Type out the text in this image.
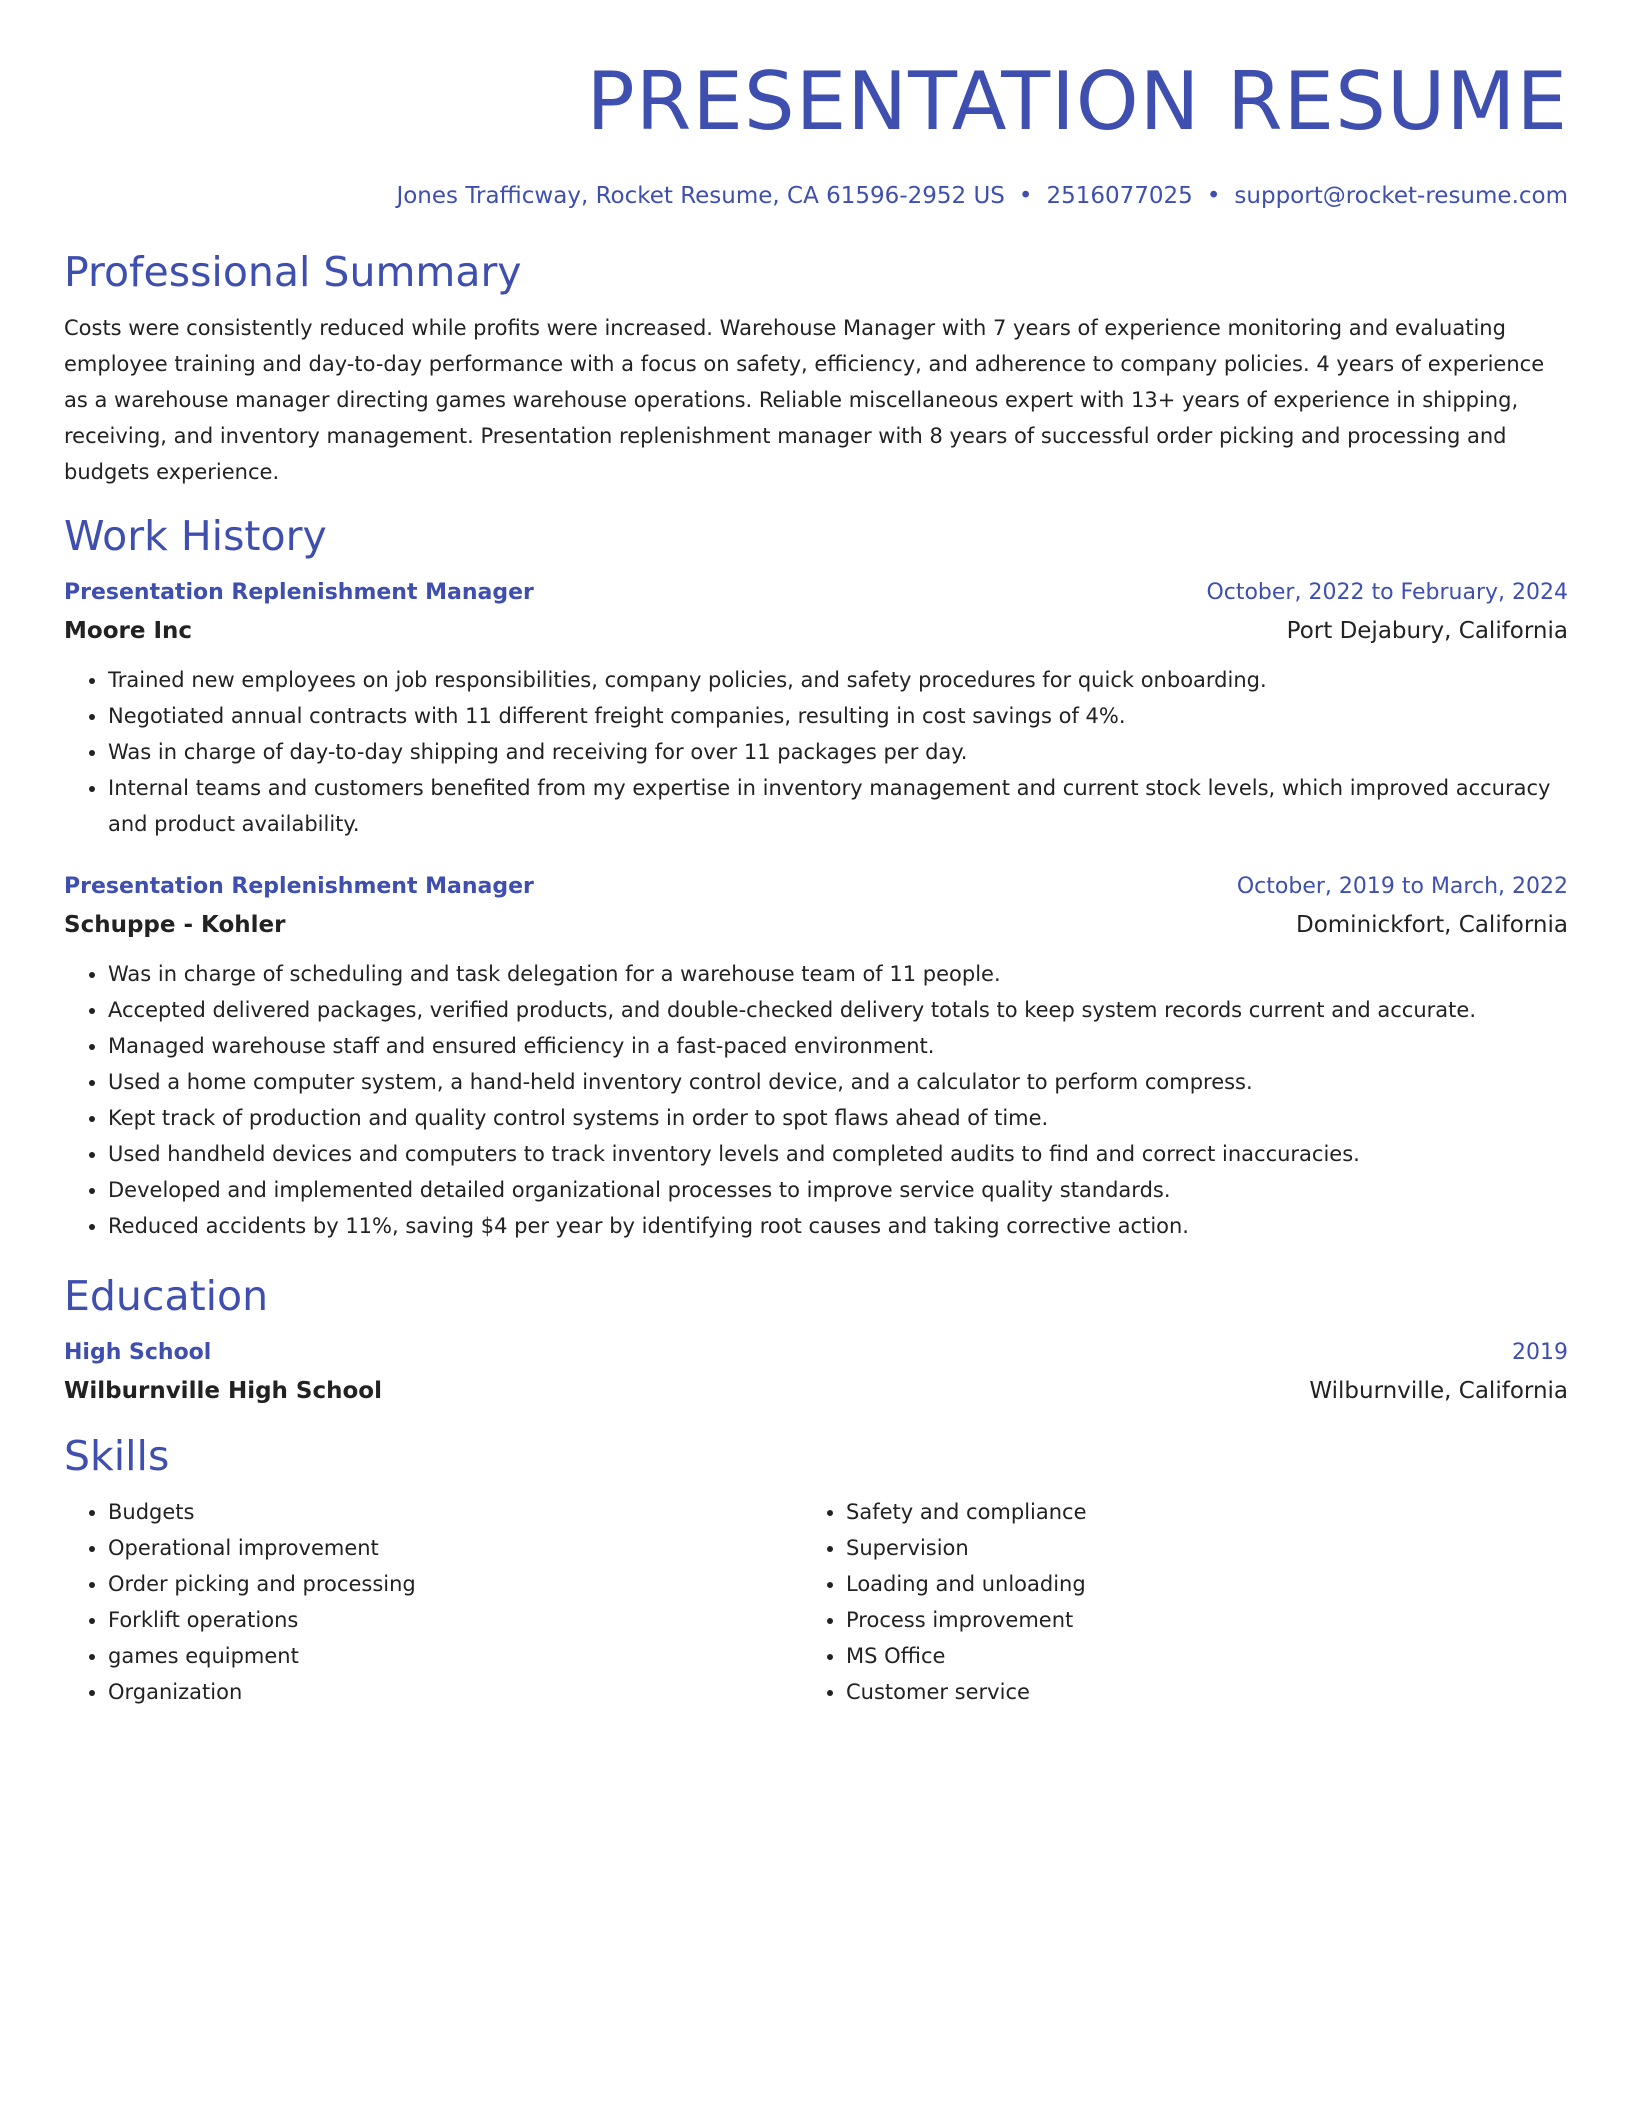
PRESENTATION RESUME
Jones Trafficway, Rocket Resume, CA 61596-2952 US • 2516077025 • support@rocket-resume.com
Professional Summary

Costs were consistently reduced while profits were increased. Warehouse Manager with 7 years of experience monitoring and evaluating employee training and day-to-day performance with a focus on safety, efficiency, and adherence to company policies. 4 years of experience as a warehouse manager directing games warehouse operations. Reliable miscellaneous expert with 13+ years of experience in shipping, receiving, and inventory management. Presentation replenishment manager with 8 years of successful order picking and processing and budgets experience.

Work History
Presentation Replenishment Manager	October, 2022 to February, 2024
Moore Inc	Port Dejabury, California
• Trained new employees on job responsibilities, company policies, and safety procedures for quick onboarding.
• Negotiated annual contracts with 11 different freight companies, resulting in cost savings of 4%.
• Was in charge of day-to-day shipping and receiving for over 11 packages per day.
• Internal teams and customers benefited from my expertise in inventory management and current stock levels, which improved accuracy and product availability.
Presentation Replenishment Manager	October, 2019 to March, 2022
Schuppe - Kohler	Dominickfort, California
• Was in charge of scheduling and task delegation for a warehouse team of 11 people.
• Accepted delivered packages, verified products, and double-checked delivery totals to keep system records current and accurate.
• Managed warehouse staff and ensured efficiency in a fast-paced environment.
• Used a home computer system, a hand-held inventory control device, and a calculator to perform compress.
• Kept track of production and quality control systems in order to spot flaws ahead of time.
• Used handheld devices and computers to track inventory levels and completed audits to find and correct inaccuracies.
• Developed and implemented detailed organizational processes to improve service quality standards.
• Reduced accidents by 11%, saving $4 per year by identifying root causes and taking corrective action.
Education
High School	2019
Wilburnville High School	Wilburnville, California
Skills
• Budgets
• Operational improvement
• Order picking and processing
• Forklift operations
• games equipment
• Organization
• Safety and compliance
• Supervision
• Loading and unloading
• Process improvement
• MS Office
• Customer service
